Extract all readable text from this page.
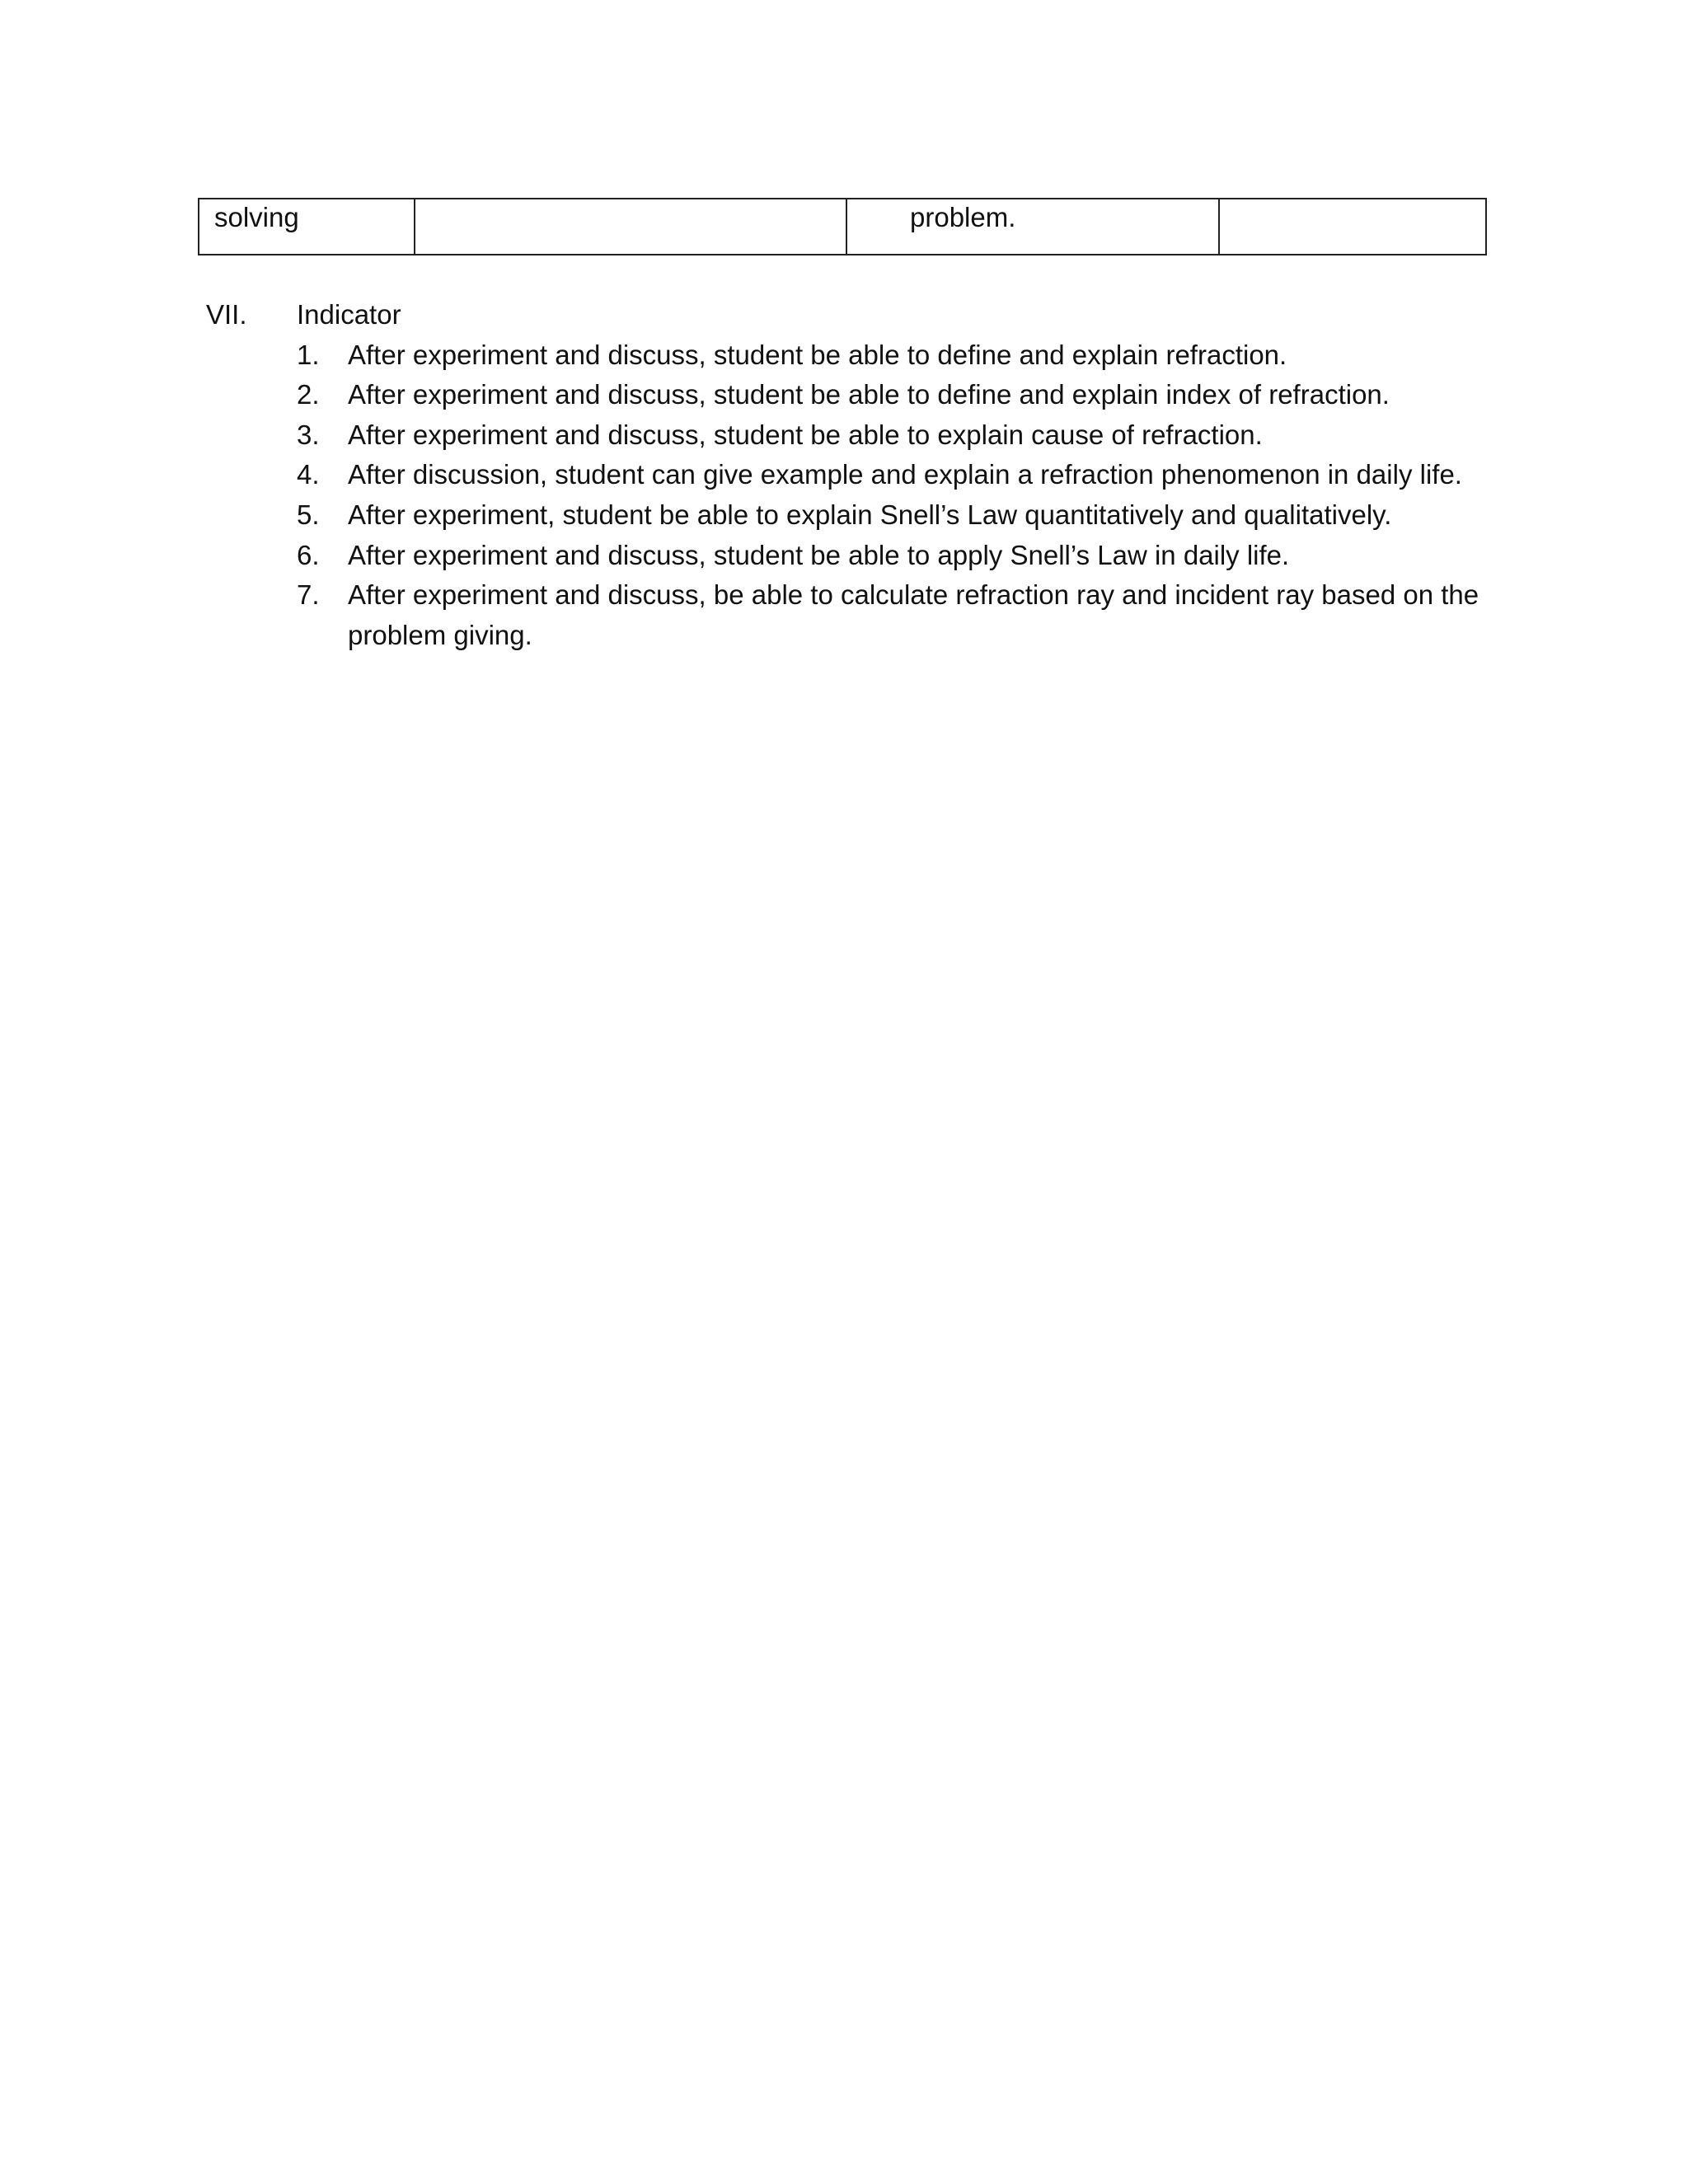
solving		problem.

VII. Indicator
1. After experiment and discuss, student be able to define and explain refraction.
2. After experiment and discuss, student be able to define and explain index of refraction.
3. After experiment and discuss, student be able to explain cause of refraction.
4. After discussion, student can give example and explain a refraction phenomenon in daily life.
5. After experiment, student be able to explain Snell’s Law quantitatively and qualitatively.
6. After experiment and discuss, student be able to apply Snell’s Law in daily life.
7. After experiment and discuss, be able to calculate refraction ray and incident ray based on the problem giving.
